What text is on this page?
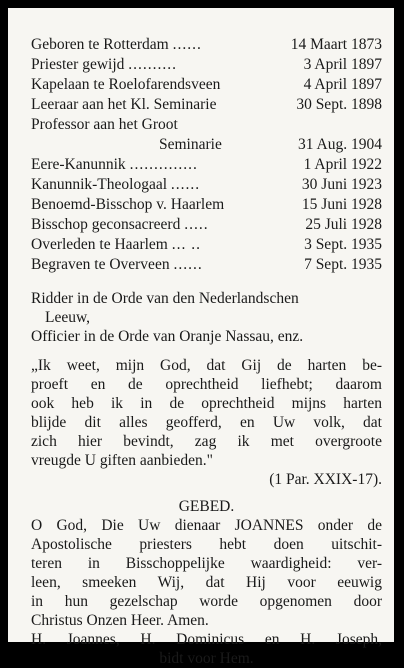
Geboren te Rotterdam ......	14 Maart 1873
Priester gewijd ..........	3 April 1897
Kapelaan te Roelofarendsveen	4 April 1897
Leeraar aan het Kl. Seminarie	30 Sept. 1898
Professor aan het Groot
Seminarie	31 Aug. 1904
Eere-Kanunnik ..............	1 April 1922
Kanunnik-Theologaal ......	30 Juni 1923
Benoemd-Bisschop v. Haarlem	15 Juni 1928
Bisschop geconsacreerd .....	25 Juli 1928
Overleden te Haarlem ... ..	3 Sept. 1935
Begraven te Overveen ......	7 Sept. 1935

Ridder in de Orde van den Nederlandschen

Leeuw,

Officier in de Orde van Oranje Nassau, enz.

„Ik weet, mijn God, dat Gij de harten be-

proeft en de oprechtheid liefhebt; daarom

ook heb ik in de oprechtheid mijns harten

blijde dit alles geofferd, en Uw volk, dat

zich hier bevindt, zag ik met overgroote

vreugde U giften aanbieden."

(1 Par. XXIX-17).

GEBED.

O God, Die Uw dienaar JOANNES onder de

Apostolische priesters hebt doen uitschit-

teren in Bisschoppelijke waardigheid: ver-

leen, smeeken Wij, dat Hij voor eeuwig

in hun gezelschap worde opgenomen door

Christus Onzen Heer. Amen.

H. Joannes, H. Dominicus en H. Joseph,

bidt voor Hem.
